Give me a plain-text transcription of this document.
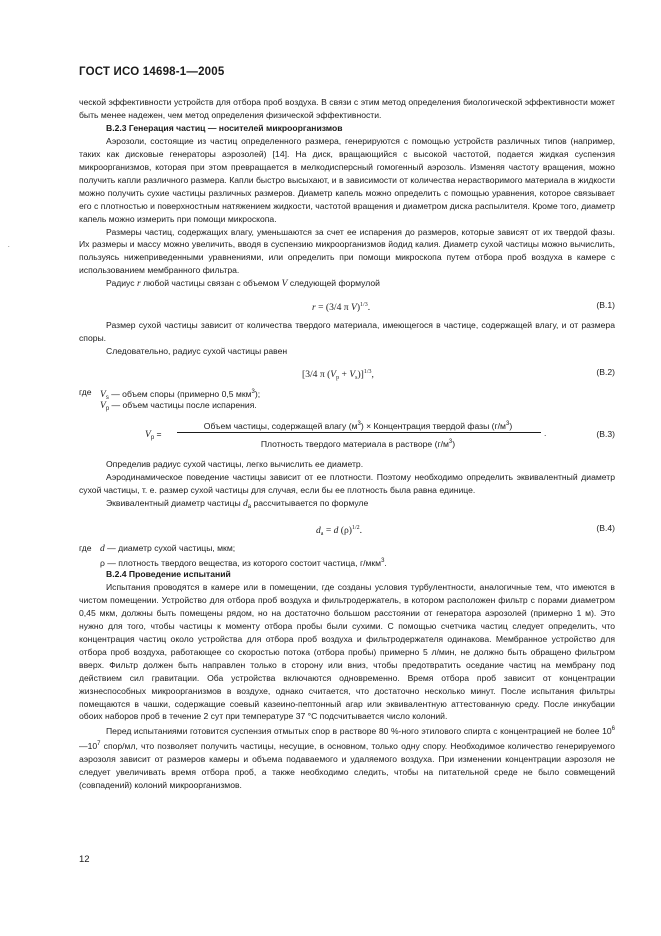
ГОСТ ИСО 14698-1—2005
.

ческой эффективности устройств для отбора проб воздуха. В связи с этим метод определения биологической эффективности может быть менее надежен, чем метод определения физической эффективности.

В.2.3 Генерация частиц — носителей микроорганизмов

Аэрозоли, состоящие из частиц определенного размера, генерируются с помощью устройств различных типов (например, таких как дисковые генераторы аэрозолей) [14]. На диск, вращающийся с высокой частотой, подается жидкая суспензия микроорганизмов, которая при этом превращается в мелкодисперсный гомогенный аэрозоль. Изменяя частоту вращения, можно получить капли различного размера. Капли быстро высыхают, и в зависимости от количества нерастворимого материала в жидкости можно получить сухие частицы различных размеров. Диаметр капель можно определить с помощью уравнения, которое связывает его с плотностью и поверхностным натяжением жидкости, частотой вращения и диаметром диска распылителя. Кроме того, диаметр капель можно измерить при помощи микроскопа.

Размеры частиц, содержащих влагу, уменьшаются за счет ее испарения до размеров, которые зависят от их твердой фазы. Их размеры и массу можно увеличить, вводя в суспензию микроорганизмов йодид калия. Диаметр сухой частицы можно вычислить, пользуясь нижеприведенными уравнениями, или определить при помощи микроскопа путем отбора проб воздуха в камере с использованием мембранного фильтра.

Радиус r любой частицы связан с объемом V следующей формулой

r = (3/4 π V)$^{1/3}$.	(В.1)

Размер сухой частицы зависит от количества твердого материала, имеющегося в частице, содержащей влагу, и от размера споры.

Следовательно, радиус сухой частицы равен

[3/4 π $(V_р + V_s)]^{1/3}$,	(В.2)
где $V_s$ — объем споры (примерно 0,5 мкм$^3$);
$V_р$ — объем частицы после испарения.
$V_р$ =
Объем частицы, содержащей влагу $(м^3)$ × Концентрация твердой фазы $(г/м^3)$
Плотность твердого материала в растворе $(г/м^3)$
.	(В.3)

Определив радиус сухой частицы, легко вычислить ее диаметр.

Аэродинамическое поведение частицы зависит от ее плотности. Поэтому необходимо определить эквивалентный диаметр сухой частицы, т. е. размер сухой частицы для случая, если бы ее плотность была равна единице.

Эквивалентный диаметр частицы $d_a$ рассчитывается по формуле

$d_a = d$ $(\rho)^{1/2}$.	(В.4)
где d — диаметр сухой частицы, мкм;
ρ — плотность твердого вещества, из которого состоит частица, г/мкм$^3$.

В.2.4 Проведение испытаний

Испытания проводятся в камере или в помещении, где созданы условия турбулентности, аналогичные тем, что имеются в чистом помещении. Устройство для отбора проб воздуха и фильтродержатель, в котором расположен фильтр с порами диаметром 0,45 мкм, должны быть помещены рядом, но на достаточно большом расстоянии от генератора аэрозолей (примерно 1 м). Это нужно для того, чтобы частицы к моменту отбора пробы были сухими. С помощью счетчика частиц следует определить, что концентрация частиц около устройства для отбора проб воздуха и фильтродержателя одинакова. Мембранное устройство для отбора проб воздуха, работающее со скоростью потока (отбора пробы) примерно 5 л/мин, не должно быть обращено фильтром вверх. Фильтр должен быть направлен только в сторону или вниз, чтобы предотвратить оседание частиц на мембрану под действием сил гравитации. Оба устройства включаются одновременно. Время отбора проб зависит от концентрации жизнеспособных микроорганизмов в воздухе, однако считается, что достаточно несколько минут. После испытания фильтры помещаются в чашки, содержащие соевый казеино-пептонный агар или эквивалентную аттестованную среду. После инкубации обоих наборов проб в течение 2 сут при температуре 37 °С подсчитывается число колоний.

Перед испытаниями готовится суспензия отмытых спор в растворе 80 %-ного этилового спирта с концентрацией не более $10^6—10^7$ спор/мл, что позволяет получить частицы, несущие, в основном, только одну спору. Необходимое количество генерируемого аэрозоля зависит от размеров камеры и объема подаваемого и удаляемого воздуха. При изменении концентрации аэрозоля не следует увеличивать время отбора проб, а также необходимо следить, чтобы на питательной среде не было совмещений (совпадений) колоний микроорганизмов.

12
